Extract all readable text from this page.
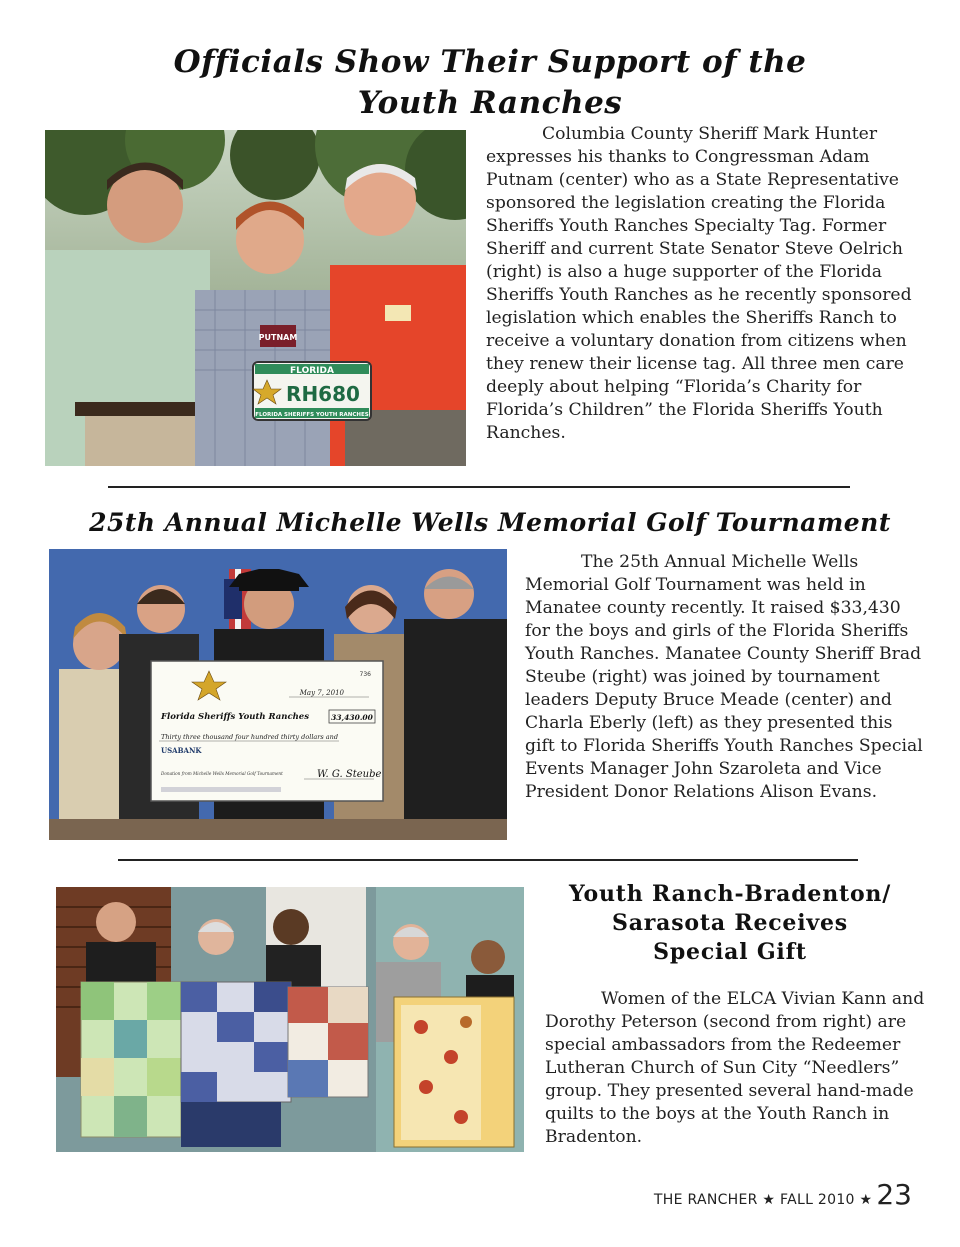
Officials Show Their Support of the
Youth Ranches
PUTNAM
FLORIDA
RH680
FLORIDA SHERIFFS YOUTH RANCHES
Columbia County Sheriff Mark Hunter expresses his thanks to Congressman Adam Putnam (center) who as a State Representative sponsored the legislation creating the Florida Sheriffs Youth Ranches Specialty Tag. Former Sheriff and current State Senator Steve Oelrich (right) is also a huge supporter of the Florida Sheriffs Youth Ranches as he recently sponsored legislation which enables the Sheriffs Ranch to receive a voluntary donation from citizens when they renew their license tag. All three men care deeply about helping “Florida’s Charity for Florida’s Children” the Florida Sheriffs Youth Ranches.
25th Annual Michelle Wells Memorial Golf Tournament
736
May 7, 2010
Florida Sheriffs Youth Ranches	33,430.00
Thirty three thousand four hundred thirty dollars and
USABANK
Donation from Michelle Wells Memorial Golf Tournament	W. G. Steube
The 25th Annual Michelle Wells Memorial Golf Tournament was held in Manatee county recently. It raised $33,430 for the boys and girls of the Florida Sheriffs Youth Ranches. Manatee County Sheriff Brad Steube (right) was joined by tournament leaders Deputy Bruce Meade (center) and Charla Eberly (left) as they presented this gift to Florida Sheriffs Youth Ranches Special Events Manager John Szaroleta and Vice President Donor Relations Alison Evans.
Youth Ranch-Bradenton/
Sarasota Receives
Special Gift
Women of the ELCA Vivian Kann and Dorothy Peterson (second from right) are special ambassadors from the Redeemer Lutheran Church of Sun City “Needlers” group. They presented several hand-made quilts to the boys at the Youth Ranch in Bradenton.
THE RANCHER ★ FALL 2010 ★ 23
